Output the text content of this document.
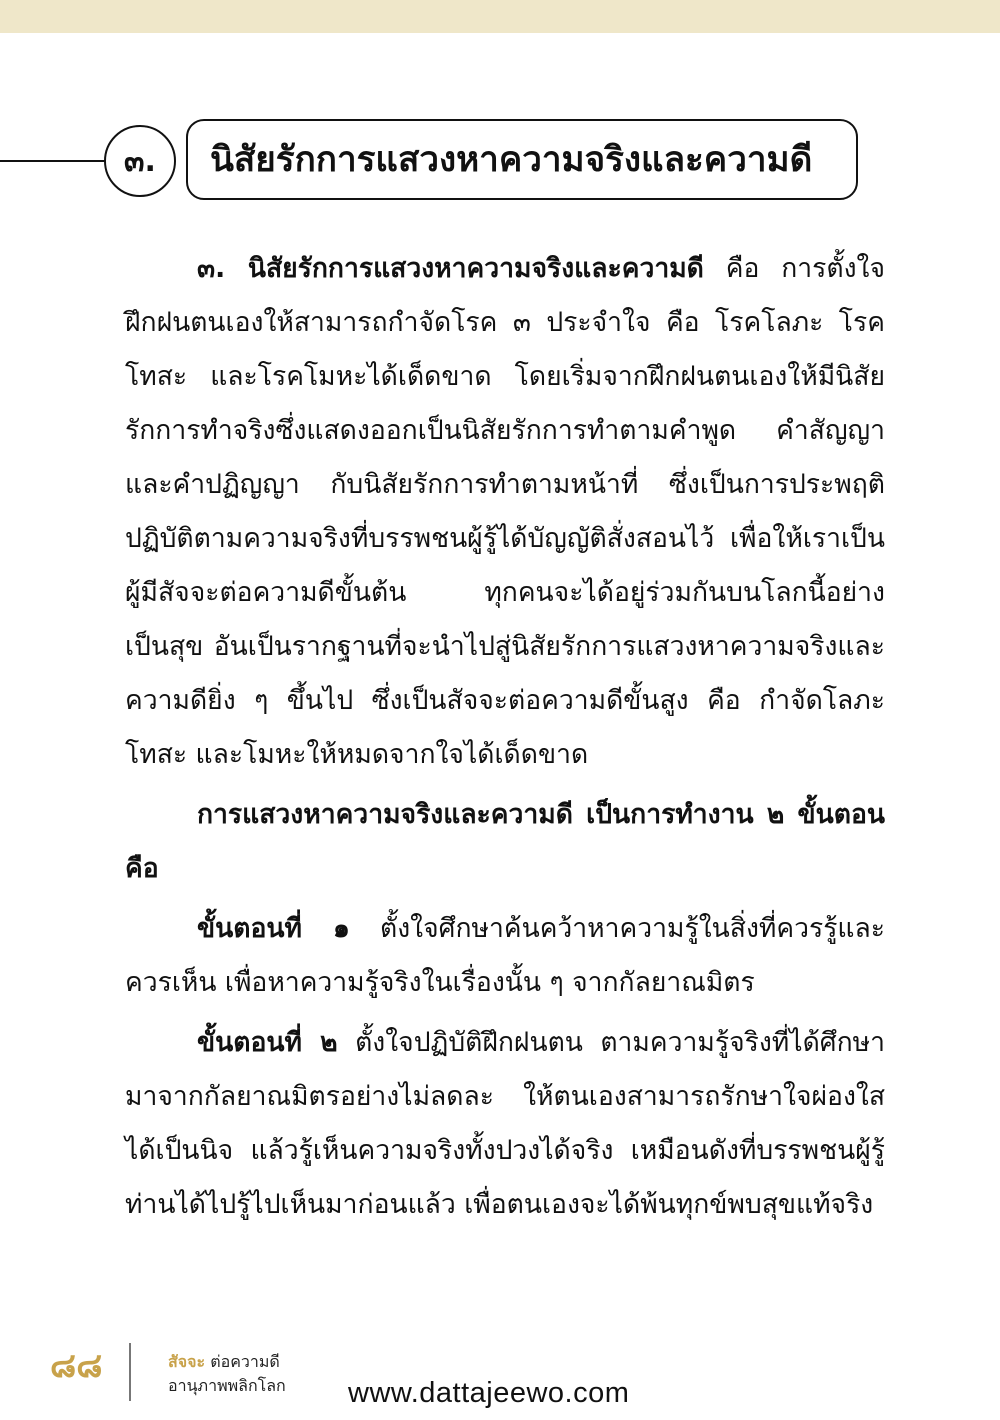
๓.	นิสัยรักการแสวงหาความจริงและความดี

๓. นิสัยรักการแสวงหาความจริงและความดี คือ การตั้งใจฝึกฝนตนเองให้สามารถกำจัดโรค ๓ ประจำใจ คือ โรคโลภะ โรคโทสะ และโรคโมหะได้เด็ดขาด โดยเริ่มจากฝึกฝนตนเองให้มีนิสัยรักการทำจริงซึ่งแสดงออกเป็นนิสัยรักการทำตามคำพูด คำสัญญา และคำปฏิญญา กับนิสัยรักการทำตามหน้าที่ ซึ่งเป็นการประพฤติปฏิบัติตามความจริงที่บรรพชนผู้รู้ได้บัญญัติสั่งสอนไว้ เพื่อให้เราเป็นผู้มีสัจจะต่อความดีขั้นต้น ทุกคนจะได้อยู่ร่วมกันบนโลกนี้อย่างเป็นสุข อันเป็นรากฐานที่จะนำไปสู่นิสัยรักการแสวงหาความจริงและความดียิ่ง ๆ ขึ้นไป ซึ่งเป็นสัจจะต่อความดีขั้นสูง คือ กำจัดโลภะ โทสะ และโมหะให้หมดจากใจได้เด็ดขาด

การแสวงหาความจริงและความดี เป็นการทำงาน ๒ ขั้นตอน คือ

ขั้นตอนที่ ๑ ตั้งใจศึกษาค้นคว้าหาความรู้ในสิ่งที่ควรรู้และควรเห็น เพื่อหาความรู้จริงในเรื่องนั้น ๆ จากกัลยาณมิตร

ขั้นตอนที่ ๒ ตั้งใจปฏิบัติฝึกฝนตน ตามความรู้จริงที่ได้ศึกษามาจากกัลยาณมิตรอย่างไม่ลดละ ให้ตนเองสามารถรักษาใจผ่องใสได้เป็นนิจ แล้วรู้เห็นความจริงทั้งปวงได้จริง เหมือนดังที่บรรพชนผู้รู้ท่านได้ไปรู้ไปเห็นมาก่อนแล้ว เพื่อตนเองจะได้พ้นทุกข์พบสุขแท้จริง

๘๘	สัจจะ ต่อความดี
อานุภาพพลิกโลก www.dattajeewo.com
